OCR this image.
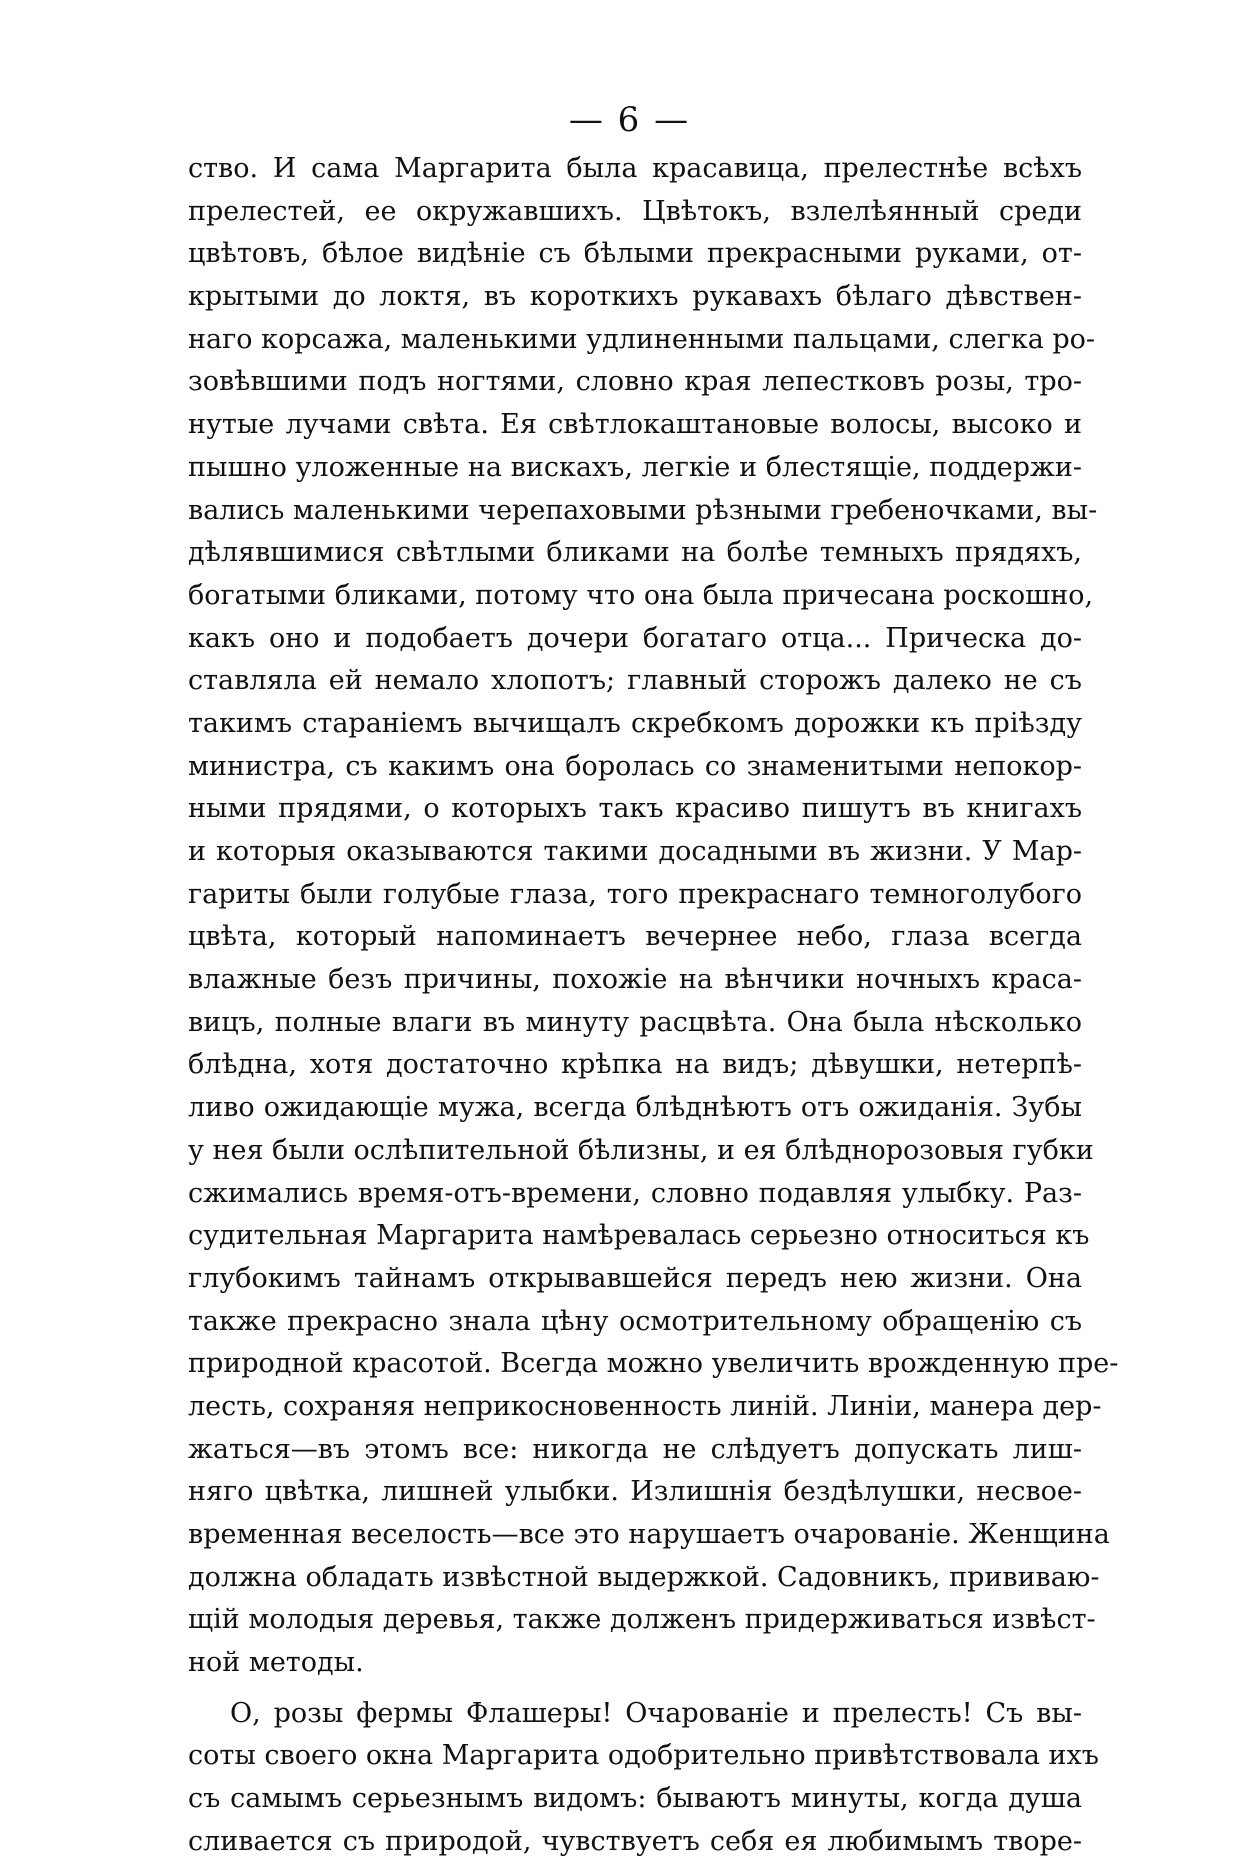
— 6 —
ство. И сама Маргарита была красавица, прелестнѣе всѣхъ
прелестей, ее окружавшихъ. Цвѣтокъ, взлелѣянный среди
цвѣтовъ, бѣлое видѣніе съ бѣлыми прекрасными руками, от-
крытыми до локтя, въ короткихъ рукавахъ бѣлаго дѣвствен-
наго корсажа, маленькими удлиненными пальцами, слегка ро-
зовѣвшими подъ ногтями, словно края лепестковъ розы, тро-
нутые лучами свѣта. Ея свѣтлокаштановые волосы, высоко и
пышно уложенные на вискахъ, легкіе и блестящіе, поддержи-
вались маленькими черепаховыми рѣзными гребеночками, вы-
дѣлявшимися свѣтлыми бликами на болѣе темныхъ прядяхъ,
богатыми бликами, потому что она была причесана роскошно,
какъ оно и подобаетъ дочери богатаго отца... Прическа до-
ставляла ей немало хлопотъ; главный сторожъ далеко не съ
такимъ стараніемъ вычищалъ скребкомъ дорожки къ пріѣзду
министра, съ какимъ она боролась со знаменитыми непокор-
ными прядями, о которыхъ такъ красиво пишутъ въ книгахъ
и которыя оказываются такими досадными въ жизни. У Мар-
гариты были голубые глаза, того прекраснаго темноголубого
цвѣта, который напоминаетъ вечернее небо, глаза всегда
влажные безъ причины, похожіе на вѣнчики ночныхъ краса-
вицъ, полные влаги въ минуту расцвѣта. Она была нѣсколько
блѣдна, хотя достаточно крѣпка на видъ; дѣвушки, нетерпѣ-
ливо ожидающіе мужа, всегда блѣднѣютъ отъ ожиданія. Зубы
у нея были ослѣпительной бѣлизны, и ея блѣднорозовыя губки
сжимались время-отъ-времени, словно подавляя улыбку. Раз-
судительная Маргарита намѣревалась серьезно относиться къ
глубокимъ тайнамъ открывавшейся передъ нею жизни. Она
также прекрасно знала цѣну осмотрительному обращенію съ
природной красотой. Всегда можно увеличить врожденную пре-
лесть, сохраняя неприкосновенность линій. Линіи, манера дер-
жаться—въ этомъ все: никогда не слѣдуетъ допускать лиш-
няго цвѣтка, лишней улыбки. Излишнія бездѣлушки, несвое-
временная веселость—все это нарушаетъ очарованіе. Женщина
должна обладать извѣстной выдержкой. Садовникъ, прививаю-
щій молодыя деревья, также долженъ придерживаться извѣст-
ной методы.
О, розы фермы Флашеры! Очарованіе и прелесть! Съ вы-
соты своего окна Маргарита одобрительно привѣтствовала ихъ
съ самымъ серьезнымъ видомъ: бываютъ минуты, когда душа
сливается съ природой, чувствуетъ себя ея любимымъ творе-
